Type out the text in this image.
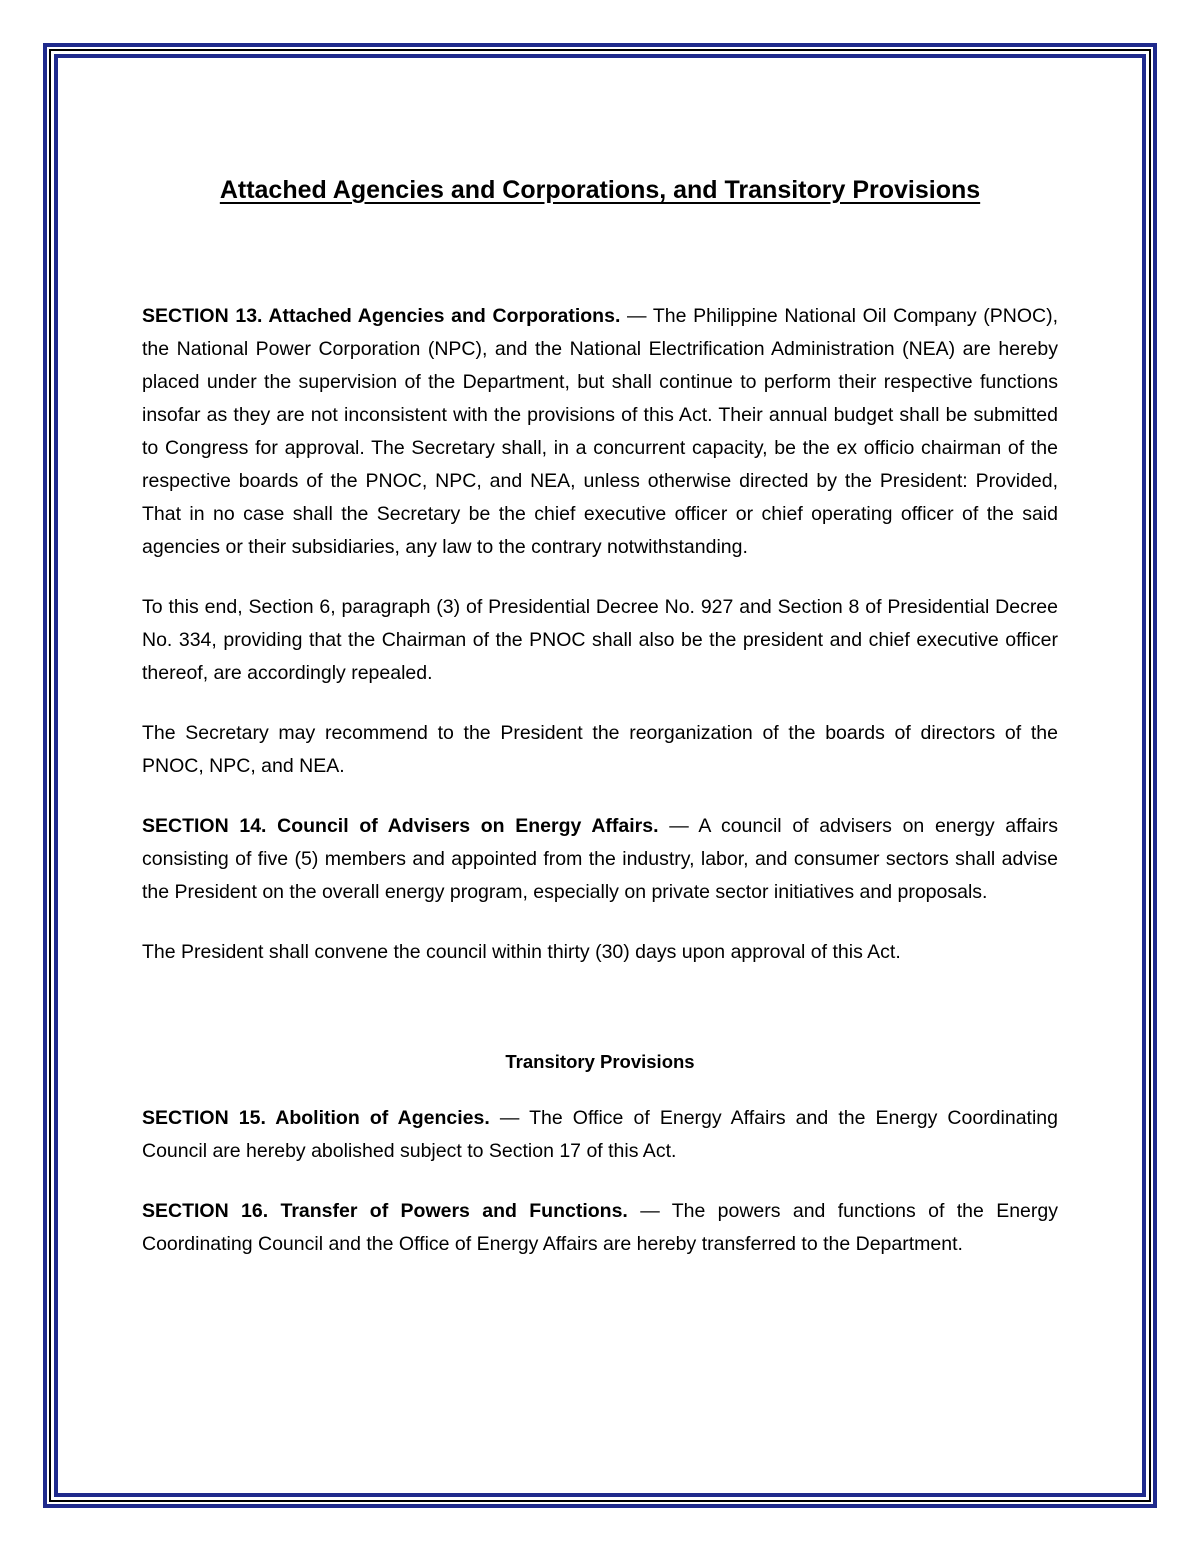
Attached Agencies and Corporations, and Transitory Provisions

SECTION 13. Attached Agencies and Corporations. — The Philippine National Oil Company (PNOC), the National Power Corporation (NPC), and the National Electrification Administration (NEA) are hereby placed under the supervision of the Department, but shall continue to perform their respective functions insofar as they are not inconsistent with the provisions of this Act. Their annual budget shall be submitted to Congress for approval. The Secretary shall, in a concurrent capacity, be the ex officio chairman of the respective boards of the PNOC, NPC, and NEA, unless otherwise directed by the President: Provided, That in no case shall the Secretary be the chief executive officer or chief operating officer of the said agencies or their subsidiaries, any law to the contrary notwithstanding.

To this end, Section 6, paragraph (3) of Presidential Decree No. 927 and Section 8 of Presidential Decree No. 334, providing that the Chairman of the PNOC shall also be the president and chief executive officer thereof, are accordingly repealed.

The Secretary may recommend to the President the reorganization of the boards of directors of the PNOC, NPC, and NEA.

SECTION 14. Council of Advisers on Energy Affairs. — A council of advisers on energy affairs consisting of five (5) members and appointed from the industry, labor, and consumer sectors shall advise the President on the overall energy program, especially on private sector initiatives and proposals.

The President shall convene the council within thirty (30) days upon approval of this Act.

Transitory Provisions

SECTION 15. Abolition of Agencies. — The Office of Energy Affairs and the Energy Coordinating Council are hereby abolished subject to Section 17 of this Act.

SECTION 16. Transfer of Powers and Functions. — The powers and functions of the Energy Coordinating Council and the Office of Energy Affairs are hereby transferred to the Department.
